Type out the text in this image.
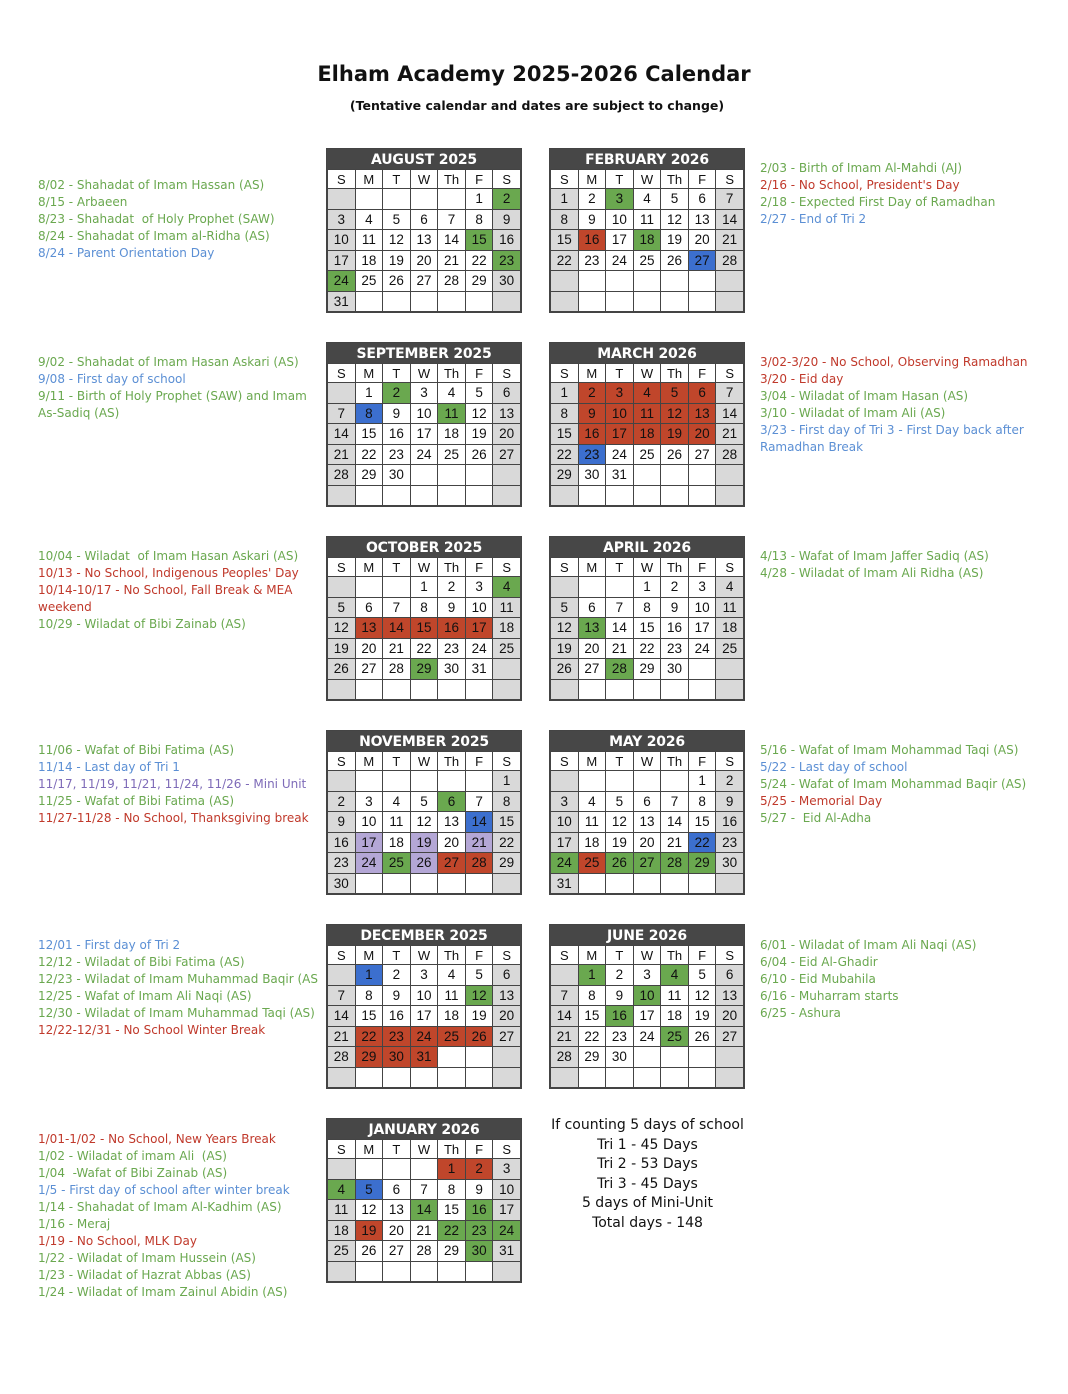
Elham Academy 2025-2026 Calendar
(Tentative calendar and dates are subject to change)
AUGUST 2025
S	M	T	W	Th	F	S
					1	2
3	4	5	6	7	8	9
10	11	12	13	14	15	16
17	18	19	20	21	22	23
24	25	26	27	28	29	30
31						
FEBRUARY 2026
S	M	T	W	Th	F	S
1	2	3	4	5	6	7
8	9	10	11	12	13	14
15	16	17	18	19	20	21
22	23	24	25	26	27	28

SEPTEMBER 2025
S	M	T	W	Th	F	S
	1	2	3	4	5	6
7	8	9	10	11	12	13
14	15	16	17	18	19	20
21	22	23	24	25	26	27
28	29	30				

MARCH 2026
S	M	T	W	Th	F	S
1	2	3	4	5	6	7
8	9	10	11	12	13	14
15	16	17	18	19	20	21
22	23	24	25	26	27	28
29	30	31				

OCTOBER 2025
S	M	T	W	Th	F	S
			1	2	3	4
5	6	7	8	9	10	11
12	13	14	15	16	17	18
19	20	21	22	23	24	25
26	27	28	29	30	31	

APRIL 2026
S	M	T	W	Th	F	S
			1	2	3	4
5	6	7	8	9	10	11
12	13	14	15	16	17	18
19	20	21	22	23	24	25
26	27	28	29	30		

NOVEMBER 2025
S	M	T	W	Th	F	S
						1
2	3	4	5	6	7	8
9	10	11	12	13	14	15
16	17	18	19	20	21	22
23	24	25	26	27	28	29
30						
MAY 2026
S	M	T	W	Th	F	S
					1	2
3	4	5	6	7	8	9
10	11	12	13	14	15	16
17	18	19	20	21	22	23
24	25	26	27	28	29	30
31						
DECEMBER 2025
S	M	T	W	Th	F	S
	1	2	3	4	5	6
7	8	9	10	11	12	13
14	15	16	17	18	19	20
21	22	23	24	25	26	27
28	29	30	31			

JUNE 2026
S	M	T	W	Th	F	S
	1	2	3	4	5	6
7	8	9	10	11	12	13
14	15	16	17	18	19	20
21	22	23	24	25	26	27
28	29	30				

JANUARY 2026
S	M	T	W	Th	F	S
				1	2	3
4	5	6	7	8	9	10
11	12	13	14	15	16	17
18	19	20	21	22	23	24
25	26	27	28	29	30	31

8/02 - Shahadat of Imam Hassan (AS)
8/15 - Arbaeen
8/23 - Shahadat  of Holy Prophet (SAW)
8/24 - Shahadat of Imam al-Ridha (AS)
8/24 - Parent Orientation Day
2/03 - Birth of Imam Al-Mahdi (AJ)
2/16 - No School, President's Day
2/18 - Expected First Day of Ramadhan
2/27 - End of Tri 2
9/02 - Shahadat of Imam Hasan Askari (AS)
9/08 - First day of school
9/11 - Birth of Holy Prophet (SAW) and Imam
As-Sadiq (AS)
3/02-3/20 - No School, Observing Ramadhan
3/20 - Eid day
3/04 - Wiladat of Imam Hasan (AS)
3/10 - Wiladat of Imam Ali (AS)
3/23 - First day of Tri 3 - First Day back after
Ramadhan Break
10/04 - Wiladat  of Imam Hasan Askari (AS)
10/13 - No School, Indigenous Peoples' Day
10/14-10/17 - No School, Fall Break & MEA
weekend
10/29 - Wiladat of Bibi Zainab (AS)
4/13 - Wafat of Imam Jaffer Sadiq (AS)
4/28 - Wiladat of Imam Ali Ridha (AS)
11/06 - Wafat of Bibi Fatima (AS)
11/14 - Last day of Tri 1
11/17, 11/19, 11/21, 11/24, 11/26 - Mini Unit
11/25 - Wafat of Bibi Fatima (AS)
11/27-11/28 - No School, Thanksgiving break
5/16 - Wafat of Imam Mohammad Taqi (AS)
5/22 - Last day of school
5/24 - Wafat of Imam Mohammad Baqir (AS)
5/25 - Memorial Day
5/27 -  Eid Al-Adha
12/01 - First day of Tri 2
12/12 - Wiladat of Bibi Fatima (AS)
12/23 - Wiladat of Imam Muhammad Baqir (AS
12/25 - Wafat of Imam Ali Naqi (AS)
12/30 - Wiladat of Imam Muhammad Taqi (AS)
12/22-12/31 - No School Winter Break
6/01 - Wiladat of Imam Ali Naqi (AS)
6/04 - Eid Al-Ghadir
6/10 - Eid Mubahila
6/16 - Muharram starts
6/25 - Ashura
1/01-1/02 - No School, New Years Break
1/02 - Wiladat of imam Ali  (AS)
1/04  -Wafat of Bibi Zainab (AS)
1/5 - First day of school after winter break
1/14 - Shahadat of Imam Al-Kadhim (AS)
1/16 - Meraj
1/19 - No School, MLK Day
1/22 - Wiladat of Imam Hussein (AS)
1/23 - Wiladat of Hazrat Abbas (AS)
1/24 - Wiladat of Imam Zainul Abidin (AS)
If counting 5 days of school
Tri 1 - 45 Days
Tri 2 - 53 Days
Tri 3 - 45 Days
5 days of Mini-Unit
Total days - 148
